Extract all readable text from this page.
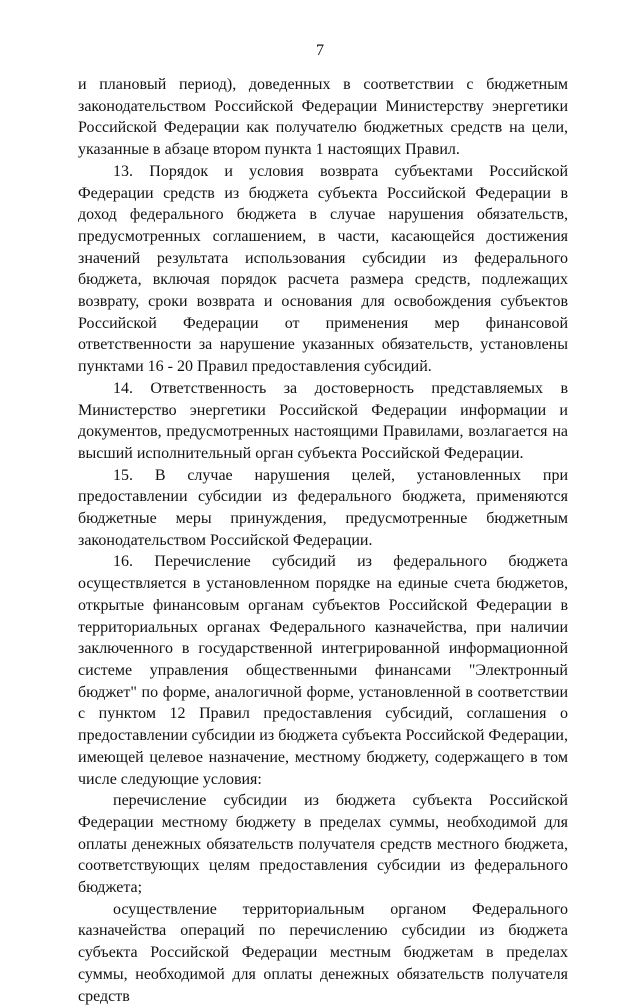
7

и плановый период), доведенных в соответствии с бюджетным законодательством Российской Федерации Министерству энергетики Российской Федерации как получателю бюджетных средств на цели, указанные в абзаце втором пункта 1 настоящих Правил.

13. Порядок и условия возврата субъектами Российской Федерации средств из бюджета субъекта Российской Федерации в доход федерального бюджета в случае нарушения обязательств, предусмотренных соглашением, в части, касающейся достижения значений результата использования субсидии из федерального бюджета, включая порядок расчета размера средств, подлежащих возврату, сроки возврата и основания для освобождения субъектов Российской Федерации от применения мер финансовой ответственности за нарушение указанных обязательств, установлены пунктами 16 - 20 Правил предоставления субсидий.

14. Ответственность за достоверность представляемых в Министерство энергетики Российской Федерации информации и документов, предусмотренных настоящими Правилами, возлагается на высший исполнительный орган субъекта Российской Федерации.

15. В случае нарушения целей, установленных при предоставлении субсидии из федерального бюджета, применяются бюджетные меры принуждения, предусмотренные бюджетным законодательством Российской Федерации.

16. Перечисление субсидий из федерального бюджета осуществляется в установленном порядке на единые счета бюджетов, открытые финансовым органам субъектов Российской Федерации в территориальных органах Федерального казначейства, при наличии заключенного в государственной интегрированной информационной системе управления общественными финансами "Электронный бюджет" по форме, аналогичной форме, установленной в соответствии с пунктом 12 Правил предоставления субсидий, соглашения о предоставлении субсидии из бюджета субъекта Российской Федерации, имеющей целевое назначение, местному бюджету, содержащего в том числе следующие условия:

перечисление субсидии из бюджета субъекта Российской Федерации местному бюджету в пределах суммы, необходимой для оплаты денежных обязательств получателя средств местного бюджета, соответствующих целям предоставления субсидии из федерального бюджета;

осуществление территориальным органом Федерального казначейства операций по перечислению субсидии из бюджета субъекта Российской Федерации местным бюджетам в пределах суммы, необходимой для оплаты денежных обязательств получателя средств
